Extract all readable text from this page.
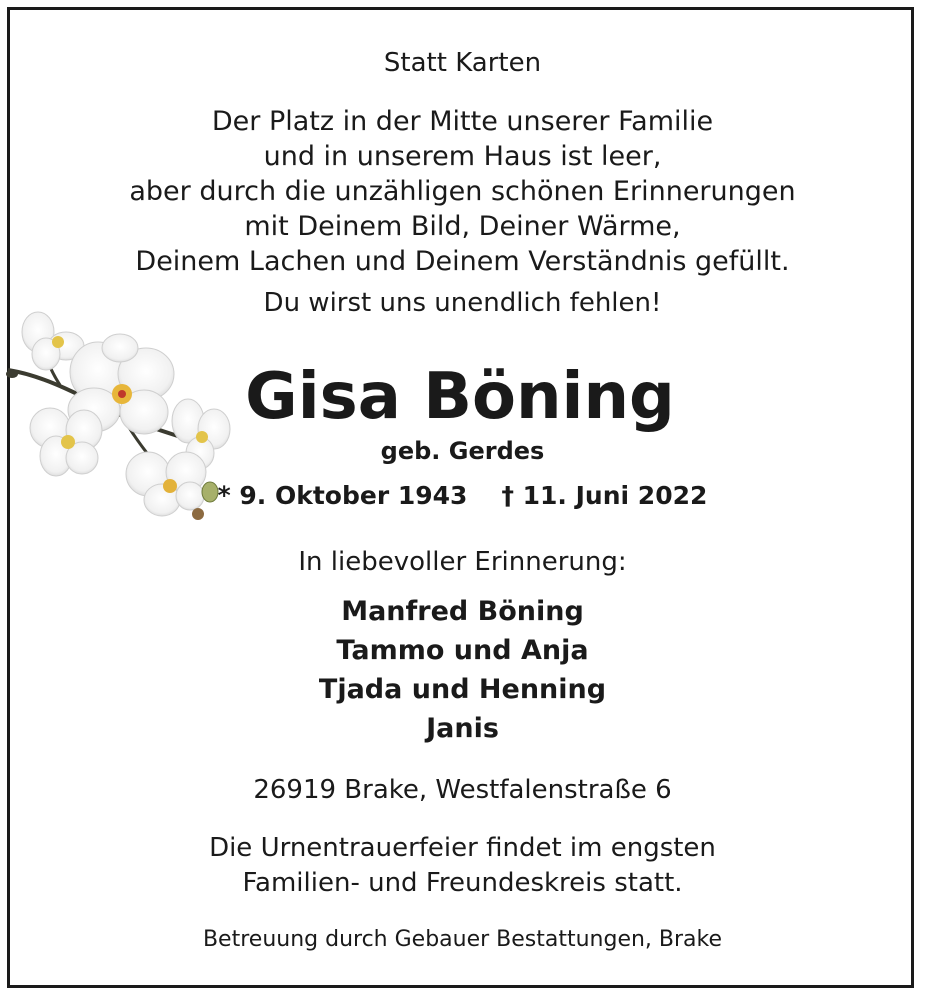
Statt Karten
Der Platz in der Mitte unserer Familie
und in unserem Haus ist leer,
aber durch die unzähligen schönen Erinnerungen
mit Deinem Bild, Deiner Wärme,
Deinem Lachen und Deinem Verständnis gefüllt.
Du wirst uns unendlich fehlen!
Gisa Böning
geb. Gerdes
* 9. Oktober 1943 † 11. Juni 2022
In liebevoller Erinnerung:
Manfred Böning
Tammo und Anja
Tjada und Henning
Janis
26919 Brake, Westfalenstraße 6
Die Urnentrauerfeier findet im engsten
Familien- und Freundeskreis statt.
Betreuung durch Gebauer Bestattungen, Brake
